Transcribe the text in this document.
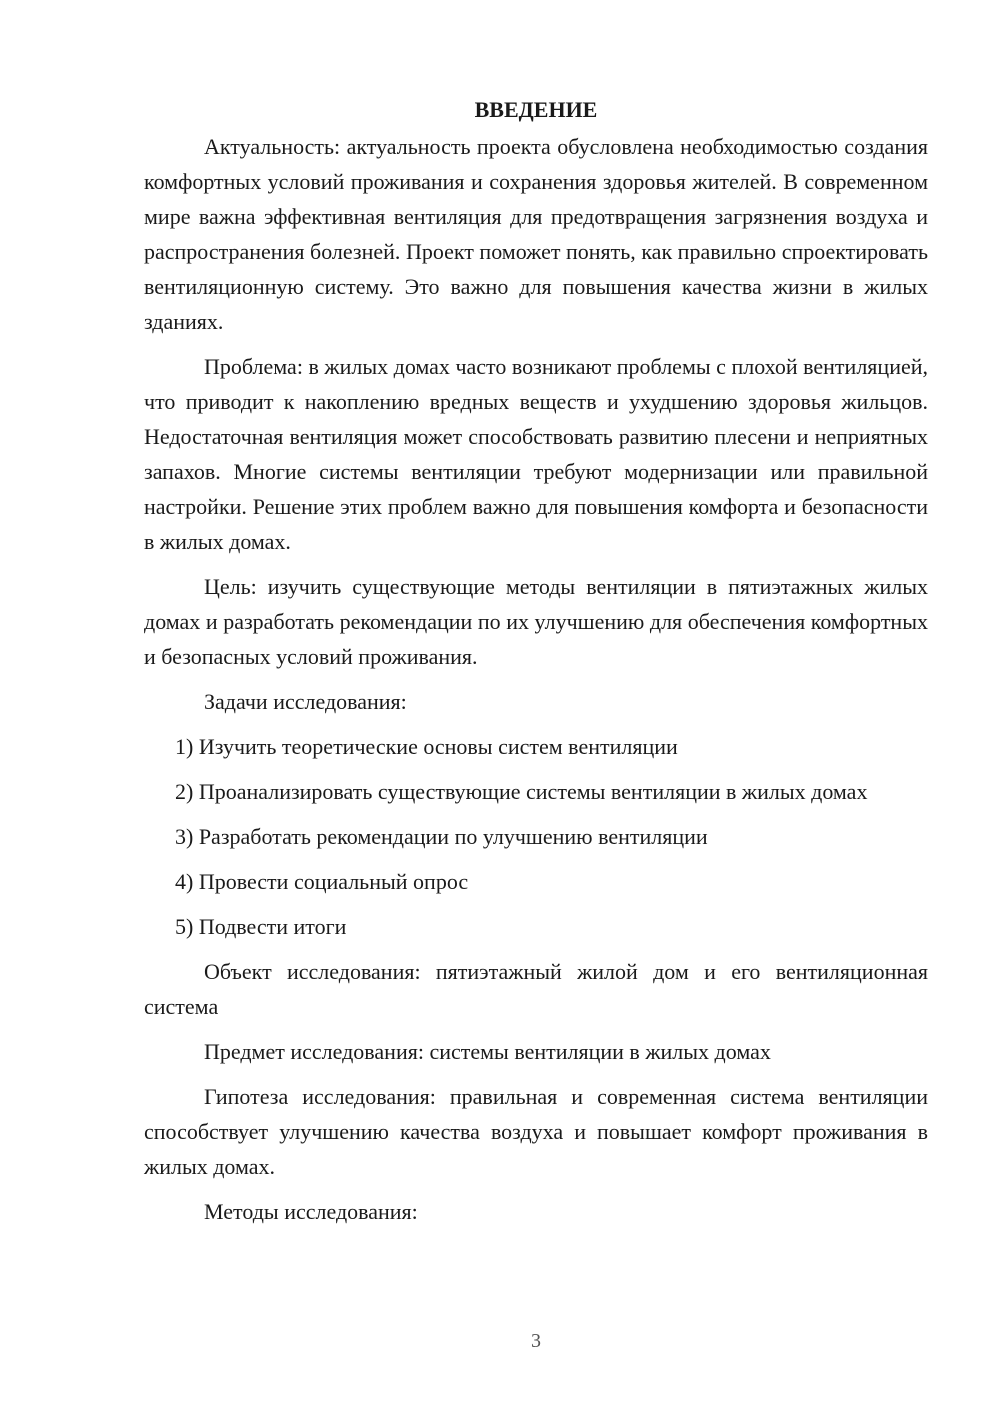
ВВЕДЕНИЕ

Актуальность: актуальность проекта обусловлена необходимостью создания комфортных условий проживания и сохранения здоровья жителей. В современном мире важна эффективная вентиляция для предотвращения загрязнения воздуха и распространения болезней. Проект поможет понять, как правильно спроектировать вентиляционную систему. Это важно для повышения качества жизни в жилых зданиях.

Проблема: в жилых домах часто возникают проблемы с плохой вентиляцией, что приводит к накоплению вредных веществ и ухудшению здоровья жильцов. Недостаточная вентиляция может способствовать развитию плесени и неприятных запахов. Многие системы вентиляции требуют модернизации или правильной настройки. Решение этих проблем важно для повышения комфорта и безопасности в жилых домах.

Цель: изучить существующие методы вентиляции в пятиэтажных жилых домах и разработать рекомендации по их улучшению для обеспечения комфортных и безопасных условий проживания.

Задачи исследования:

1) Изучить теоретические основы систем вентиляции

2) Проанализировать существующие системы вентиляции в жилых домах

3) Разработать рекомендации по улучшению вентиляции

4) Провести социальный опрос

5) Подвести итоги

Объект исследования: пятиэтажный жилой дом и его вентиляционная система

Предмет исследования: системы вентиляции в жилых домах

Гипотеза исследования: правильная и современная система вентиляции способствует улучшению качества воздуха и повышает комфорт проживания в жилых домах.

Методы исследования:

3
